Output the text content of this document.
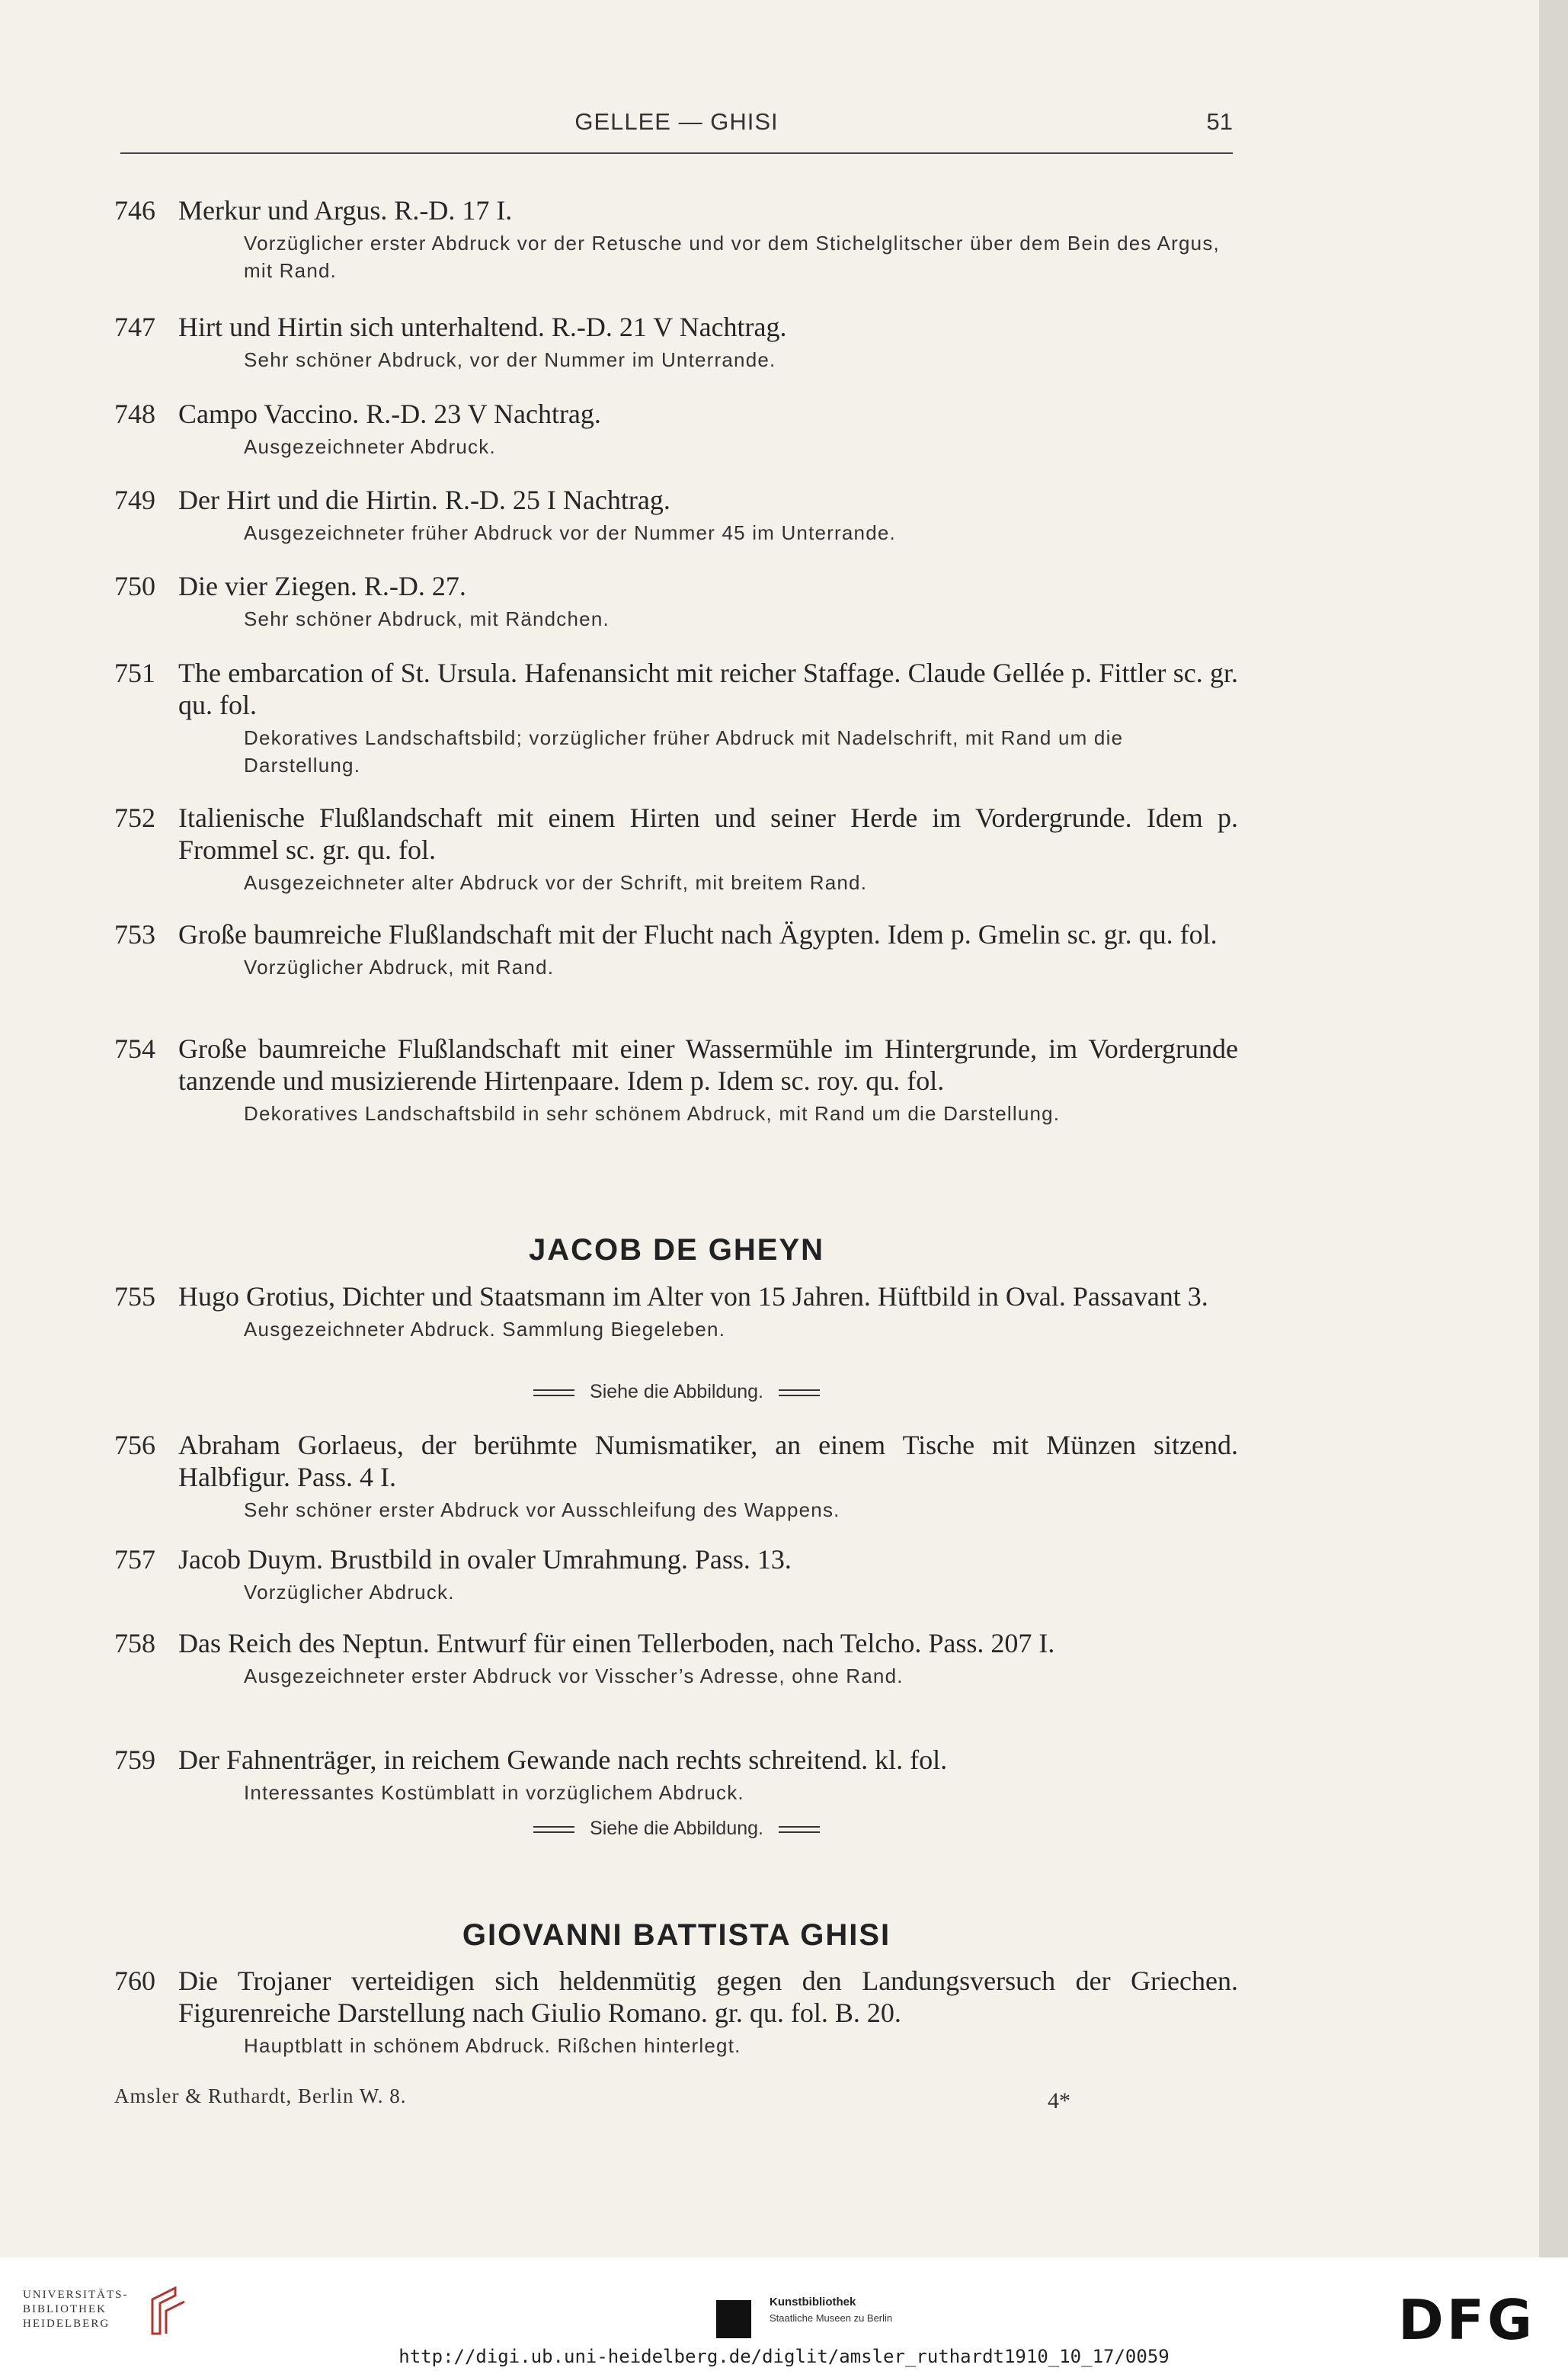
GELLEE — GHISI	51
746 Merkur und Argus. R.-D. 17 I.
Vorzüglicher erster Abdruck vor der Retusche und vor dem Stichelglitscher über dem Bein des Argus, mit Rand.
747 Hirt und Hirtin sich unterhaltend. R.-D. 21 V Nachtrag.
Sehr schöner Abdruck, vor der Nummer im Unterrande.
748 Campo Vaccino. R.-D. 23 V Nachtrag.
Ausgezeichneter Abdruck.
749 Der Hirt und die Hirtin. R.-D. 25 I Nachtrag.
Ausgezeichneter früher Abdruck vor der Nummer 45 im Unterrande.
750 Die vier Ziegen. R.-D. 27.
Sehr schöner Abdruck, mit Rändchen.
751 The embarcation of St. Ursula. Hafenansicht mit reicher Staffage. Claude Gellée p. Fittler sc. gr. qu. fol.
Dekoratives Landschaftsbild; vorzüglicher früher Abdruck mit Nadelschrift, mit Rand um die Darstellung.
752 Italienische Flußlandschaft mit einem Hirten und seiner Herde im Vordergrunde. Idem p. Frommel sc. gr. qu. fol.
Ausgezeichneter alter Abdruck vor der Schrift, mit breitem Rand.
753 Große baumreiche Flußlandschaft mit der Flucht nach Ägypten. Idem p. Gmelin sc. gr. qu. fol.
Vorzüglicher Abdruck, mit Rand.
754 Große baumreiche Flußlandschaft mit einer Wassermühle im Hintergrunde, im Vordergrunde tanzende und musizierende Hirtenpaare. Idem p. Idem sc. roy. qu. fol.
Dekoratives Landschaftsbild in sehr schönem Abdruck, mit Rand um die Darstellung.
JACOB DE GHEYN
755 Hugo Grotius, Dichter und Staatsmann im Alter von 15 Jahren. Hüftbild in Oval. Passavant 3.
Ausgezeichneter Abdruck. Sammlung Biegeleben.
Siehe die Abbildung.
756 Abraham Gorlaeus, der berühmte Numismatiker, an einem Tische mit Münzen sitzend. Halbfigur. Pass. 4 I.
Sehr schöner erster Abdruck vor Ausschleifung des Wappens.
757 Jacob Duym. Brustbild in ovaler Umrahmung. Pass. 13.
Vorzüglicher Abdruck.
758 Das Reich des Neptun. Entwurf für einen Tellerboden, nach Telcho. Pass. 207 I.
Ausgezeichneter erster Abdruck vor Visscher’s Adresse, ohne Rand.
759 Der Fahnenträger, in reichem Gewande nach rechts schreitend. kl. fol.
Interessantes Kostümblatt in vorzüglichem Abdruck.
Siehe die Abbildung.
GIOVANNI BATTISTA GHISI
760 Die Trojaner verteidigen sich heldenmütig gegen den Landungsversuch der Griechen. Figurenreiche Darstellung nach Giulio Romano. gr. qu. fol. B. 20.
Hauptblatt in schönem Abdruck. Rißchen hinterlegt.
Amsler & Ruthardt, Berlin W. 8.	4*
UNIVERSITÄTS-
BIBLIOTHEK
HEIDELBERG
Kunstbibliothek
Staatliche Museen zu Berlin	DFG
http://digi.ub.uni-heidelberg.de/diglit/amsler_ruthardt1910_10_17/0059
